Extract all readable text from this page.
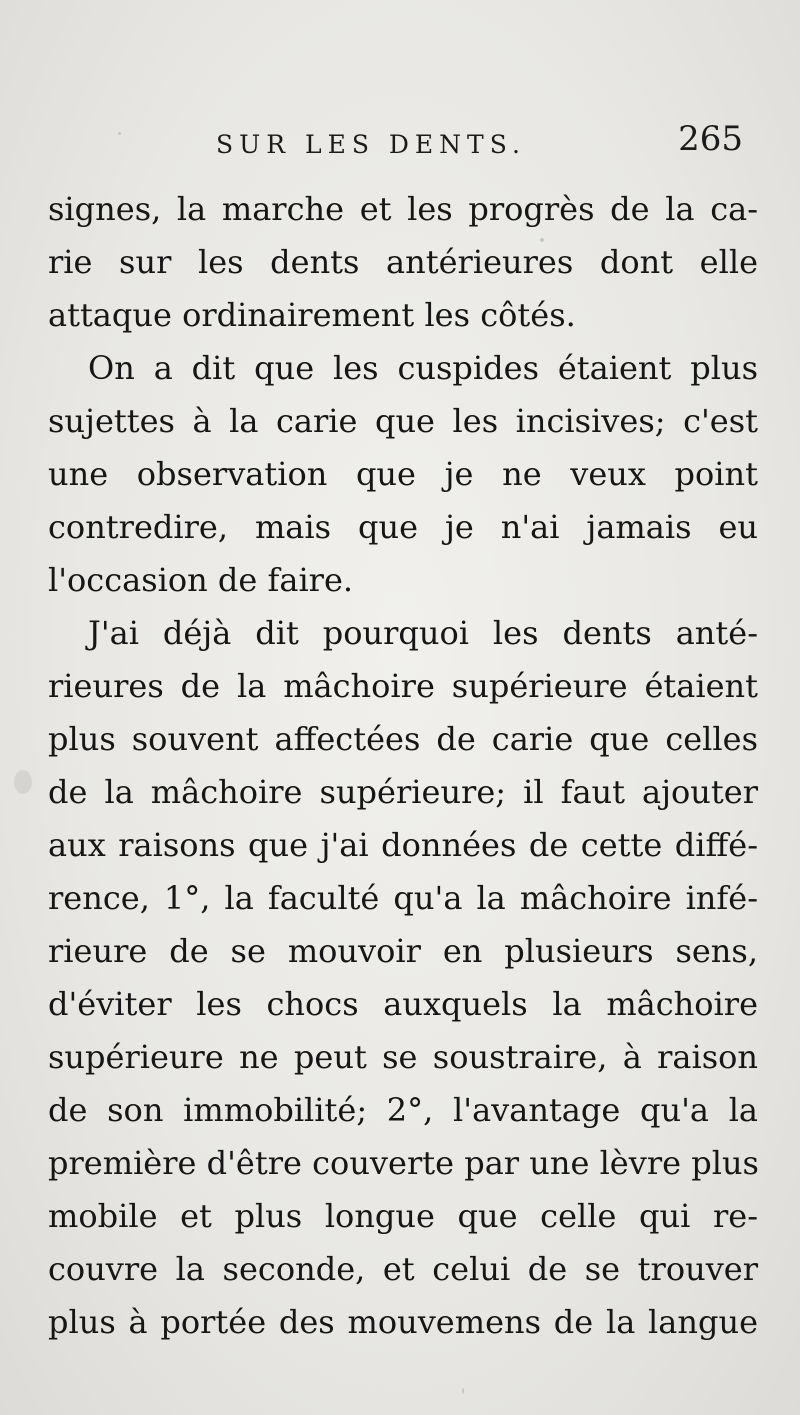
SUR LES DENTS.	265
signes, la marche et les progrès de la ca-
rie sur les dents antérieures dont elle
attaque ordinairement les côtés.
On a dit que les cuspides étaient plus
sujettes à la carie que les incisives; c'est
une observation que je ne veux point
contredire, mais que je n'ai jamais eu
l'occasion de faire.
J'ai déjà dit pourquoi les dents anté-
rieures de la mâchoire supérieure étaient
plus souvent affectées de carie que celles
de la mâchoire supérieure; il faut ajouter
aux raisons que j'ai données de cette diffé-
rence, 1°, la faculté qu'a la mâchoire infé-
rieure de se mouvoir en plusieurs sens,
d'éviter les chocs auxquels la mâchoire
supérieure ne peut se soustraire, à raison
de son immobilité; 2°, l'avantage qu'a la
première d'être couverte par une lèvre plus
mobile et plus longue que celle qui re-
couvre la seconde, et celui de se trouver
plus à portée des mouvemens de la langue
